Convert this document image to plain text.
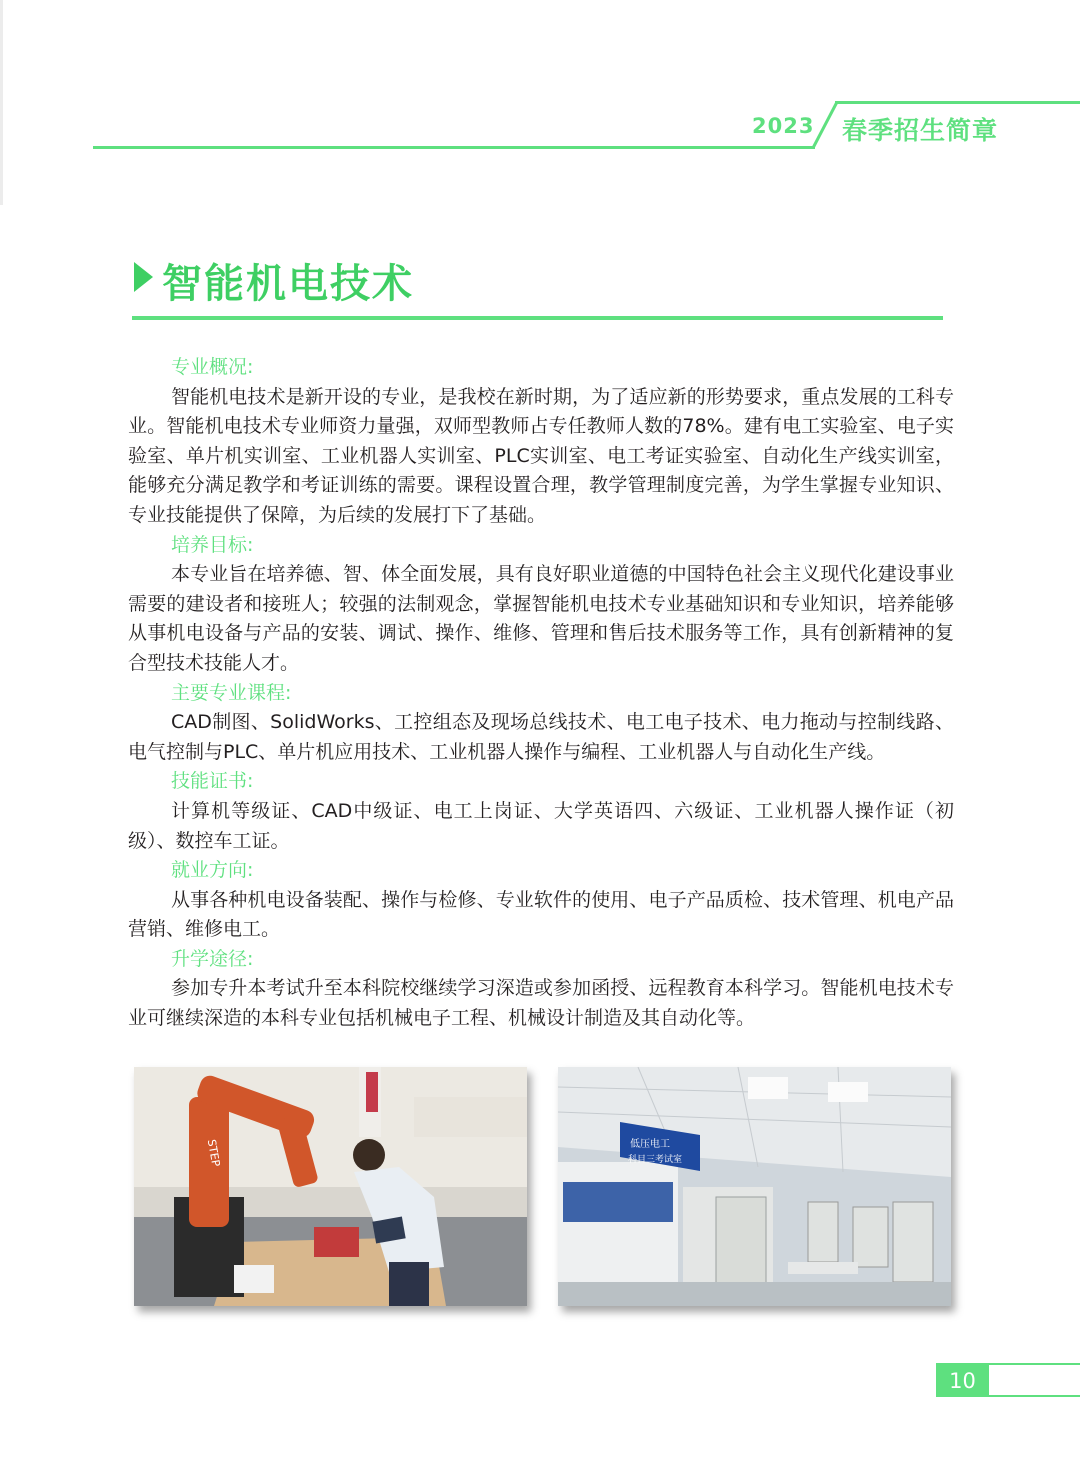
2023 春季招生简章
智能机电技术
专业概况:
智能机电技术是新开设的专业，是我校在新时期，为了适应新的形势要求，重点发展的工科专业。智能机电技术专业师资力量强，双师型教师占专任教师人数的78%。建有电工实验室、电子实验室、单片机实训室、工业机器人实训室、PLC实训室、电工考证实验室、自动化生产线实训室，能够充分满足教学和考证训练的需要。课程设置合理，教学管理制度完善，为学生掌握专业知识、专业技能提供了保障，为后续的发展打下了基础。
培养目标:
本专业旨在培养德、智、体全面发展，具有良好职业道德的中国特色社会主义现代化建设事业需要的建设者和接班人；较强的法制观念，掌握智能机电技术专业基础知识和专业知识，培养能够从事机电设备与产品的安装、调试、操作、维修、管理和售后技术服务等工作，具有创新精神的复合型技术技能人才。
主要专业课程:
CAD制图、SolidWorks、工控组态及现场总线技术、电工电子技术、电力拖动与控制线路、电气控制与PLC、单片机应用技术、工业机器人操作与编程、工业机器人与自动化生产线。
技能证书:
计算机等级证、CAD中级证、电工上岗证、大学英语四、六级证、工业机器人操作证（初级）、数控车工证。
就业方向:
从事各种机电设备装配、操作与检修、专业软件的使用、电子产品质检、技术管理、机电产品营销、维修电工。
升学途径:
参加专升本考试升至本科院校继续学习深造或参加函授、远程教育本科学习。智能机电技术专业可继续深造的本科专业包括机械电子工程、机械设计制造及其自动化等。
STEP	低压电工
科目三考试室
10
